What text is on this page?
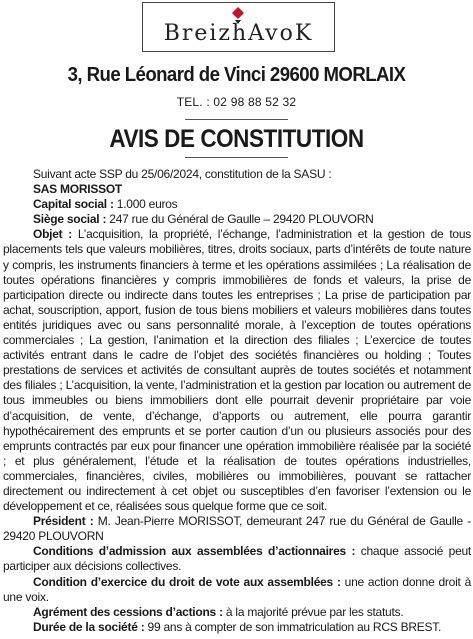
BreizhAvoK
3, Rue Léonard de Vinci 29600 MORLAIX
TEL. : 02 98 88 52 32
AVIS DE CONSTITUTION

Suivant acte SSP du 25/06/2024, constitution de la SASU :

SAS MORISSOT

Capital social : 1.000 euros

Siège social : 247 rue du Général de Gaulle – 29420 PLOUVORN

Objet : L’acquisition, la propriété, l’échange, l’administration et la gestion de tous placements tels que valeurs mobilières, titres, droits sociaux, parts d’intérêts de toute nature y compris, les instruments financiers à terme et les opérations assimilées ; La réalisation de toutes opérations financières y compris immobilières de fonds et valeurs, la prise de participation directe ou indirecte dans toutes les entreprises ; La prise de participation par achat, souscription, apport, fusion de tous biens mobiliers et valeurs mobilières dans toutes entités juridiques avec ou sans personnalité morale, à l’exception de toutes opérations commerciales ; La gestion, l’animation et la direction des filiales ; L’exercice de toutes activités entrant dans le cadre de l’objet des sociétés financières ou holding ; Toutes prestations de services et activités de consultant auprès de toutes sociétés et notamment des filiales ; L’acquisition, la vente, l’administration et la gestion par location ou autrement de tous immeubles ou biens immobiliers dont elle pourrait devenir propriétaire par voie d’acquisition, de vente, d’échange, d’apports ou autrement, elle pourra garantir hypothécairement des emprunts et se porter caution d’un ou plusieurs associés pour des emprunts contractés par eux pour financer une opération immobilière réalisée par la société ; et plus généralement, l’étude et la réalisation de toutes opérations industrielles, commerciales, financières, civiles, mobilières ou immobilières, pouvant se rattacher directement ou indirectement à cet objet ou susceptibles d’en favoriser l’extension ou le développement et ce, réalisées sous quelque forme que ce soit.

Président : M. Jean-Pierre MORISSOT, demeurant 247 rue du Général de Gaulle - 29420 PLOUVORN

Conditions d’admission aux assemblées d’actionnaires : chaque associé peut participer aux décisions collectives.

Condition d’exercice du droit de vote aux assemblées : une action donne droit à une voix.

Agrément des cessions d’actions : à la majorité prévue par les statuts.

Durée de la société : 99 ans à compter de son immatriculation au RCS BREST.
